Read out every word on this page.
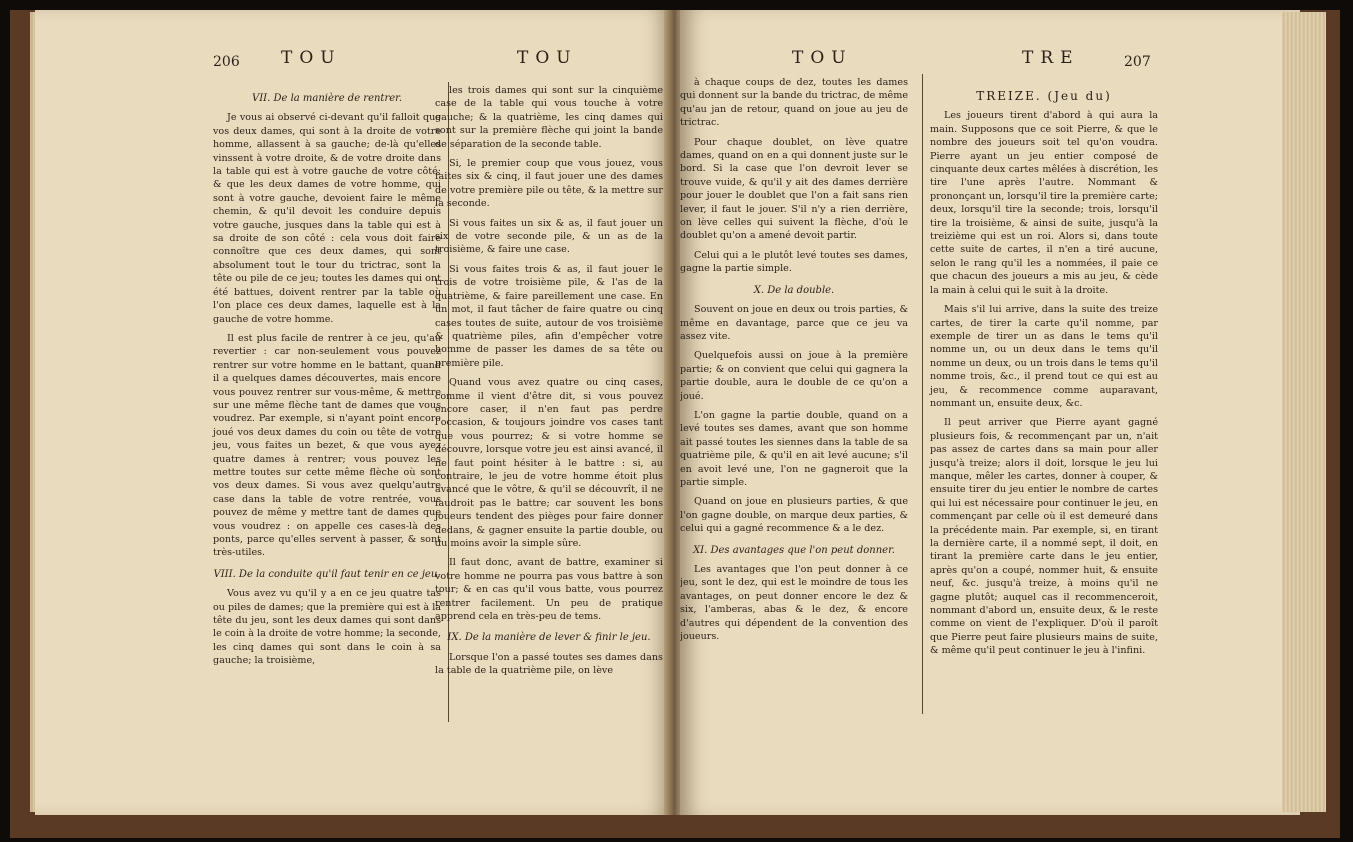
206 TOU	TOU
VII. De la manière de rentrer.

Je vous ai observé ci-devant qu'il falloit que vos deux dames, qui sont à la droite de votre homme, allassent à sa gauche; de-là qu'elles vinssent à votre droite, & de votre droite dans la table qui est à votre gauche de votre côté; & que les deux dames de votre homme, qui sont à votre gauche, devoient faire le même chemin, & qu'il devoit les conduire depuis votre gauche, jusques dans la table qui est à sa droite de son côté : cela vous doit faire connoître que ces deux dames, qui sont absolument tout le tour du trictrac, sont la tête ou pile de ce jeu; toutes les dames qui ont été battues, doivent rentrer par la table où l'on place ces deux dames, laquelle est à la gauche de votre homme.

Il est plus facile de rentrer à ce jeu, qu'au revertier : car non-seulement vous pouvez rentrer sur votre homme en le battant, quand il a quelques dames découvertes, mais encore vous pouvez rentrer sur vous-même, & mettre sur une même flèche tant de dames que vous voudrez. Par exemple, si n'ayant point encore joué vos deux dames du coin ou tête de votre jeu, vous faites un bezet, & que vous ayez quatre dames à rentrer; vous pouvez les mettre toutes sur cette même flèche où sont vos deux dames. Si vous avez quelqu'autre case dans la table de votre rentrée, vous pouvez de même y mettre tant de dames que vous voudrez : on appelle ces cases-là des ponts, parce qu'elles servent à passer, & sont très-utiles.

VIII. De la conduite qu'il faut tenir en ce jeu.

Vous avez vu qu'il y a en ce jeu quatre tas ou piles de dames; que la première qui est à la tête du jeu, sont les deux dames qui sont dans le coin à la droite de votre homme; la seconde, les cinq dames qui sont dans le coin à sa gauche; la troisième,

les trois dames qui sont sur la cinquième case de la table qui vous touche à votre gauche; & la quatrième, les cinq dames qui sont sur la première flèche qui joint la bande de séparation de la seconde table.

Si, le premier coup que vous jouez, vous faites six & cinq, il faut jouer une des dames de votre première pile ou tête, & la mettre sur la seconde.

Si vous faites un six & as, il faut jouer un six de votre seconde pile, & un as de la troisième, & faire une case.

Si vous faites trois & as, il faut jouer le trois de votre troisième pile, & l'as de la quatrième, & faire pareillement une case. En un mot, il faut tâcher de faire quatre ou cinq cases toutes de suite, autour de vos troisième & quatrième piles, afin d'empêcher votre homme de passer les dames de sa tête ou première pile.

Quand vous avez quatre ou cinq cases, comme il vient d'être dit, si vous pouvez encore caser, il n'en faut pas perdre l'occasion, & toujours joindre vos cases tant que vous pourrez; & si votre homme se découvre, lorsque votre jeu est ainsi avancé, il ne faut point hésiter à le battre : si, au contraire, le jeu de votre homme étoit plus avancé que le vôtre, & qu'il se découvrît, il ne faudroit pas le battre; car souvent les bons joueurs tendent des pièges pour faire donner dedans, & gagner ensuite la partie double, ou du moins avoir la simple sûre.

Il faut donc, avant de battre, examiner si votre homme ne pourra pas vous battre à son tour; & en cas qu'il vous batte, vous pourrez rentrer facilement. Un peu de pratique apprend cela en très-peu de tems.

IX. De la manière de lever & finir le jeu.

Lorsque l'on a passé toutes ses dames dans la table de la quatrième pile, on lève

TOU	TRE	207

à chaque coups de dez, toutes les dames qui donnent sur la bande du trictrac, de même qu'au jan de retour, quand on joue au jeu de trictrac.

Pour chaque doublet, on lève quatre dames, quand on en a qui donnent juste sur le bord. Si la case que l'on devroit lever se trouve vuide, & qu'il y ait des dames derrière pour jouer le doublet que l'on a fait sans rien lever, il faut le jouer. S'il n'y a rien derrière, on lève celles qui suivent la flèche, d'où le doublet qu'on a amené devoit partir.

Celui qui a le plutôt levé toutes ses dames, gagne la partie simple.

X. De la double.

Souvent on joue en deux ou trois parties, & même en davantage, parce que ce jeu va assez vite.

Quelquefois aussi on joue à la première partie; & on convient que celui qui gagnera la partie double, aura le double de ce qu'on a joué.

L'on gagne la partie double, quand on a levé toutes ses dames, avant que son homme ait passé toutes les siennes dans la table de sa quatrième pile, & qu'il en ait levé aucune; s'il en avoit levé une, l'on ne gagneroit que la partie simple.

Quand on joue en plusieurs parties, & que l'on gagne double, on marque deux parties, & celui qui a gagné recommence & a le dez.

XI. Des avantages que l'on peut donner.

Les avantages que l'on peut donner à ce jeu, sont le dez, qui est le moindre de tous les avantages, on peut donner encore le dez & six, l'amberas, abas & le dez, & encore d'autres qui dépendent de la convention des joueurs.

TREIZE. (Jeu du)

Les joueurs tirent d'abord à qui aura la main. Supposons que ce soit Pierre, & que le nombre des joueurs soit tel qu'on voudra. Pierre ayant un jeu entier composé de cinquante deux cartes mêlées à discrétion, les tire l'une après l'autre. Nommant & prononçant un, lorsqu'il tire la première carte; deux, lorsqu'il tire la seconde; trois, lorsqu'il tire la troisième, & ainsi de suite, jusqu'à la treizième qui est un roi. Alors si, dans toute cette suite de cartes, il n'en a tiré aucune, selon le rang qu'il les a nommées, il paie ce que chacun des joueurs a mis au jeu, & cède la main à celui qui le suit à la droite.

Mais s'il lui arrive, dans la suite des treize cartes, de tirer la carte qu'il nomme, par exemple de tirer un as dans le tems qu'il nomme un, ou un deux dans le tems qu'il nomme un deux, ou un trois dans le tems qu'il nomme trois, &c., il prend tout ce qui est au jeu, & recommence comme auparavant, nommant un, ensuite deux, &c.

Il peut arriver que Pierre ayant gagné plusieurs fois, & recommençant par un, n'ait pas assez de cartes dans sa main pour aller jusqu'à treize; alors il doit, lorsque le jeu lui manque, mêler les cartes, donner à couper, & ensuite tirer du jeu entier le nombre de cartes qui lui est nécessaire pour continuer le jeu, en commençant par celle où il est demeuré dans la précédente main. Par exemple, si, en tirant la dernière carte, il a nommé sept, il doit, en tirant la première carte dans le jeu entier, après qu'on a coupé, nommer huit, & ensuite neuf, &c. jusqu'à treize, à moins qu'il ne gagne plutôt; auquel cas il recommenceroit, nommant d'abord un, ensuite deux, & le reste comme on vient de l'expliquer. D'où il paroît que Pierre peut faire plusieurs mains de suite, & même qu'il peut continuer le jeu à l'infini.
